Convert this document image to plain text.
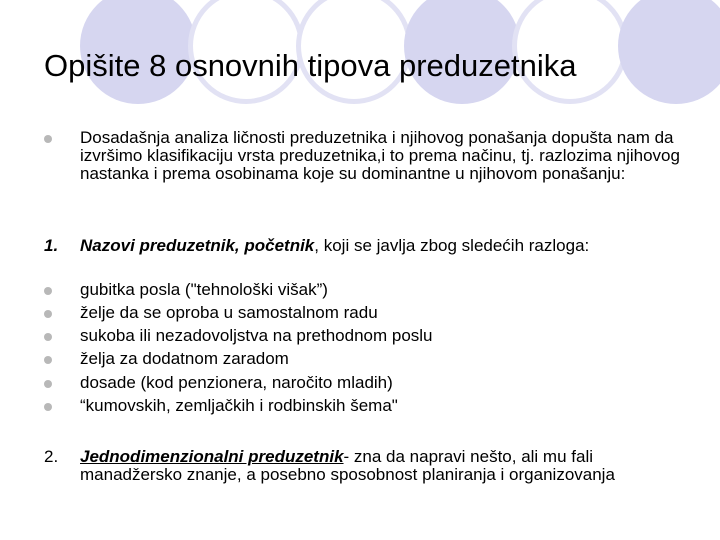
Opišite 8 osnovnih tipova preduzetnika
Dosadašnja analiza ličnosti preduzetnika i njihovog ponašanja dopušta nam da izvršimo klasifikaciju vrsta preduzetnika,i to prema načinu, tj. razlozima njihovog nastanka i prema osobinama koje su dominantne u njihovom ponašanju:
1. Nazovi preduzetnik, početnik, koji se javlja zbog sledećih razloga:
gubitka posla ("tehnološki višak”)
želje da se oproba u samostalnom radu
sukoba ili nezadovoljstva na prethodnom poslu
želja za dodatnom zaradom
dosade (kod penzionera, naročito mladih)
“kumovskih, zemljačkih i rodbinskih šema"
2. Jednodimenzionalni preduzetnik- zna da napravi nešto, ali mu fali manadžersko znanje, a posebno sposobnost planiranja i organizovanja
